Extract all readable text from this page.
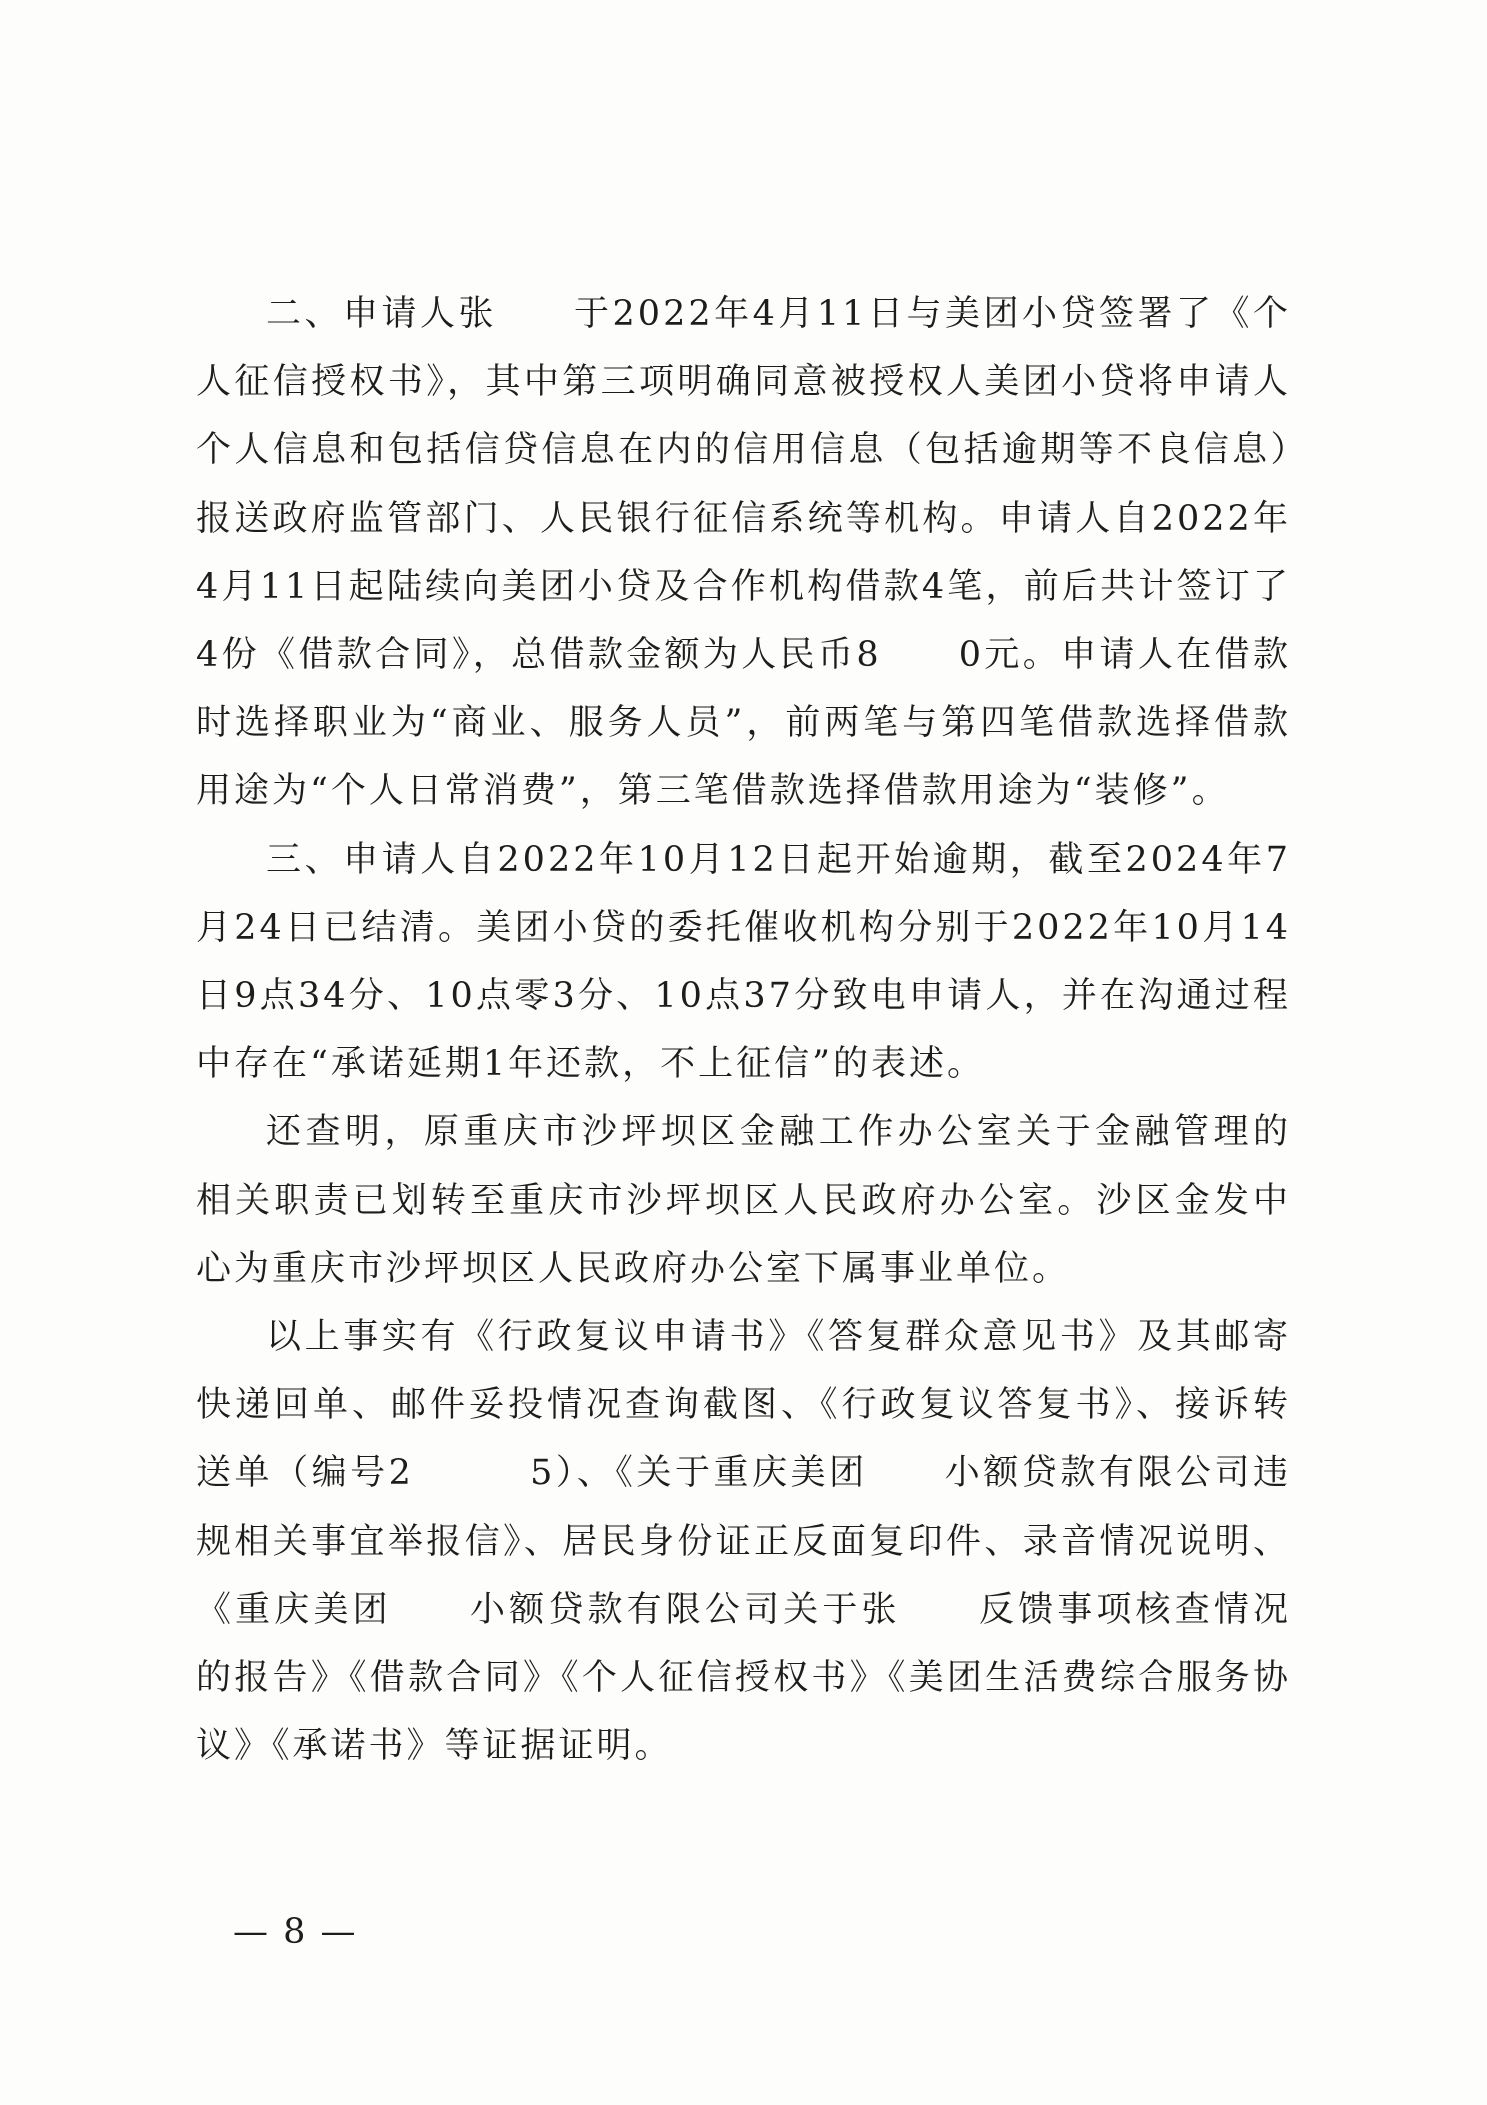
二、申请人张　　于2022年4月11日与美团小贷签署了《个人征信授权书》，其中第三项明确同意被授权人美团小贷将申请人个人信息和包括信贷信息在内的信用信息（包括逾期等不良信息）报送政府监管部门、人民银行征信系统等机构。申请人自2022年4月11日起陆续向美团小贷及合作机构借款4笔，前后共计签订了4份《借款合同》，总借款金额为人民币8　　0元。申请人在借款时选择职业为“商业、服务人员”，前两笔与第四笔借款选择借款用途为“个人日常消费”，第三笔借款选择借款用途为“装修”。

三、申请人自2022年10月12日起开始逾期，截至2024年7月24日已结清。美团小贷的委托催收机构分别于2022年10月14日9点34分、10点零3分、10点37分致电申请人，并在沟通过程中存在“承诺延期1年还款，不上征信”的表述。

还查明，原重庆市沙坪坝区金融工作办公室关于金融管理的相关职责已划转至重庆市沙坪坝区人民政府办公室。沙区金发中心为重庆市沙坪坝区人民政府办公室下属事业单位。

以上事实有《行政复议申请书》《答复群众意见书》及其邮寄快递回单、邮件妥投情况查询截图、《行政复议答复书》、接诉转送单（编号2　　　5）、《关于重庆美团　　小额贷款有限公司违规相关事宜举报信》、居民身份证正反面复印件、录音情况说明、《重庆美团　　小额贷款有限公司关于张　　反馈事项核查情况的报告》《借款合同》《个人征信授权书》《美团生活费综合服务协议》《承诺书》等证据证明。

— 8 —
